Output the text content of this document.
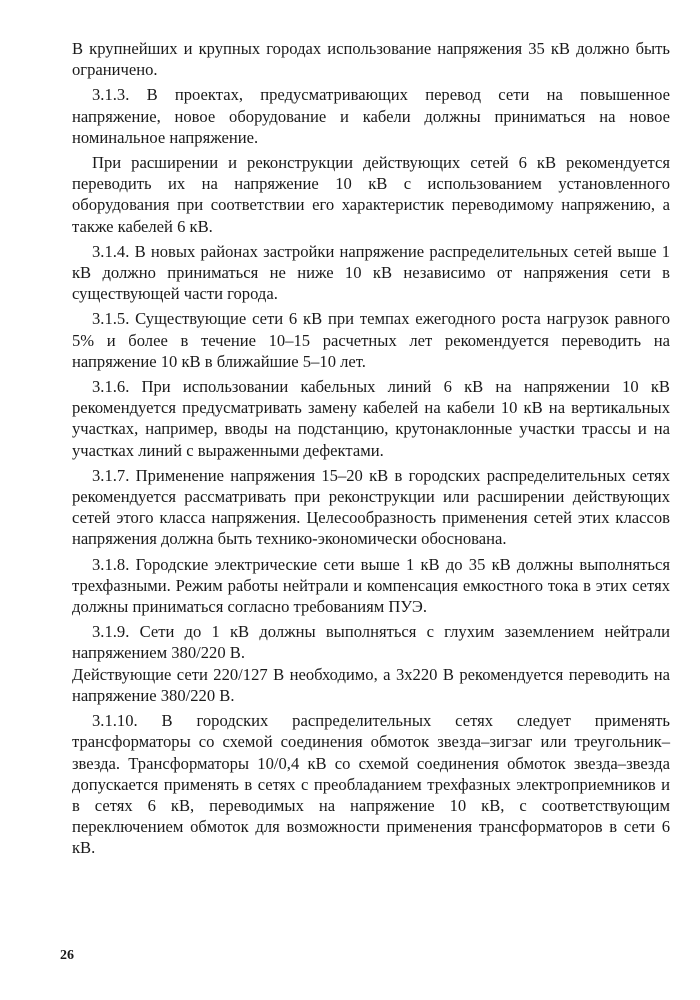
В крупнейших и крупных городах использование напряжения 35 кВ должно быть ограничено.

3.1.3. В проектах, предусматривающих перевод сети на повышенное напряжение, новое оборудование и кабели должны приниматься на новое номинальное напряжение.

При расширении и реконструкции действующих сетей 6 кВ рекомендуется переводить их на напряжение 10 кВ с использованием установленного оборудования при соответствии его характеристик переводимому напряжению, а также кабелей 6 кВ.

3.1.4. В новых районах застройки напряжение распределительных сетей выше 1 кВ должно приниматься не ниже 10 кВ независимо от напряжения сети в существующей части города.

3.1.5. Существующие сети 6 кВ при темпах ежегодного роста нагрузок равного 5% и более в течение 10–15 расчетных лет рекомендуется переводить на напряжение 10 кВ в ближайшие 5–10 лет.

3.1.6. При использовании кабельных линий 6 кВ на напряжении 10 кВ рекомендуется предусматривать замену кабелей на кабели 10 кВ на вертикальных участках, например, вводы на подстанцию, крутонаклонные участки трассы и на участках линий с выраженными дефектами.

3.1.7. Применение напряжения 15–20 кВ в городских распределительных сетях рекомендуется рассматривать при реконструкции или расширении действующих сетей этого класса напряжения. Целесообразность применения сетей этих классов напряжения должна быть технико-экономически обоснована.

3.1.8. Городские электрические сети выше 1 кВ до 35 кВ должны выполняться трехфазными. Режим работы нейтрали и компенсация емкостного тока в этих сетях должны приниматься согласно требованиям ПУЭ.

3.1.9. Сети до 1 кВ должны выполняться с глухим заземлением нейтрали напряжением 380/220 В.

Действующие сети 220/127 В необходимо, а 3х220 В рекомендуется переводить на напряжение 380/220 В.

3.1.10. В городских распределительных сетях следует применять трансформаторы со схемой соединения обмоток звезда–зигзаг или треугольник–звезда. Трансформаторы 10/0,4 кВ со схемой соединения обмоток звезда–звезда допускается применять в сетях с преобладанием трехфазных электроприемников и в сетях 6 кВ, переводимых на напряжение 10 кВ, с соответствующим переключением обмоток для возможности применения трансформаторов в сети 6 кВ.

26
